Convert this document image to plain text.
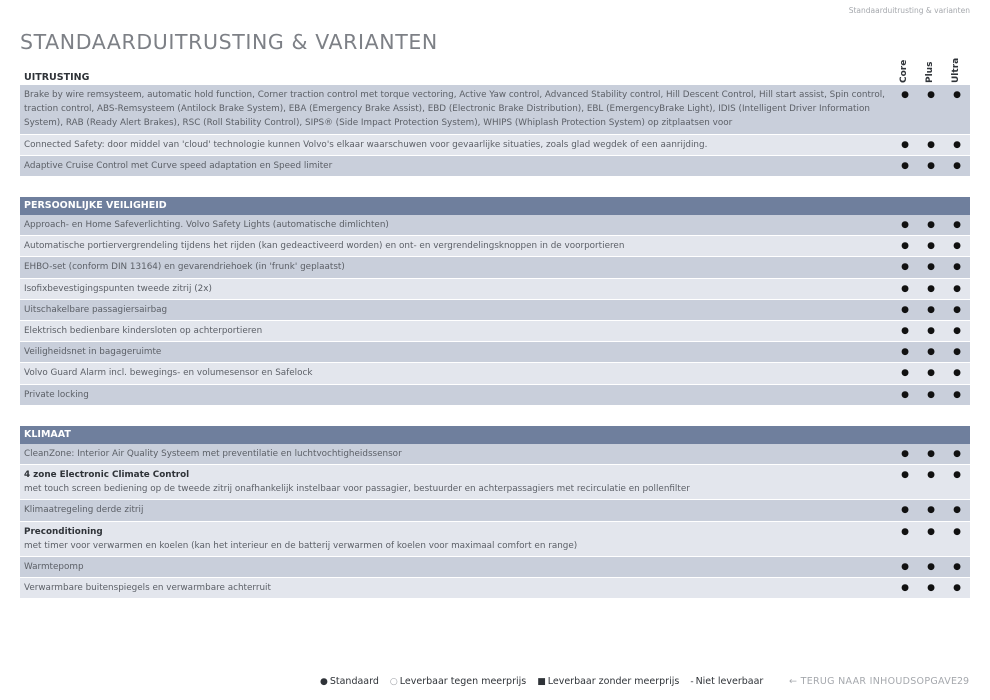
Standaarduitrusting & varianten
STANDAARDUITRUSTING & VARIANTEN
Core Plus Ultra
UITRUSTING
Brake by wire remsysteem, automatic hold function, Corner traction control met torque vectoring, Active Yaw control, Advanced Stability control, Hill Descent Control, Hill start assist, Spin control, traction control, ABS-Remsysteem (Antilock Brake System), EBA (Emergency Brake Assist), EBD (Electronic Brake Distribution), EBL (EmergencyBrake Light), IDIS (Intelligent Driver Information System), RAB (Ready Alert Brakes), RSC (Roll Stability Control), SIPS® (Side Impact Protection System), WHIPS (Whiplash Protection System) op zitplaatsen voor
●	●	●
Connected Safety: door middel van 'cloud' technologie kunnen Volvo's elkaar waarschuwen voor gevaarlijke situaties, zoals glad wegdek of een aanrijding.	●	●	●
Adaptive Cruise Control met Curve speed adaptation en Speed limiter	●	●	●
PERSOONLIJKE VEILIGHEID
Approach- en Home Safeverlichting. Volvo Safety Lights (automatische dimlichten)	●	●	●
Automatische portiervergrendeling tijdens het rijden (kan gedeactiveerd worden) en ont- en vergrendelingsknoppen in de voorportieren	●	●	●
EHBO-set (conform DIN 13164) en gevarendriehoek (in 'frunk' geplaatst)	●	●	●
Isofixbevestigingspunten tweede zitrij (2x)	●	●	●
Uitschakelbare passagiersairbag	●	●	●
Elektrisch bedienbare kindersloten op achterportieren	●	●	●
Veiligheidsnet in bagageruimte	●	●	●
Volvo Guard Alarm incl. bewegings- en volumesensor en Safelock	●	●	●
Private locking	●	●	●
KLIMAAT
CleanZone: Interior Air Quality Systeem met preventilatie en luchtvochtigheidssensor	●	●	●
4 zone Electronic Climate Control
met touch screen bediening op de tweede zitrij onafhankelijk instelbaar voor passagier, bestuurder en achterpassagiers met recirculatie en pollenfilter
●	●	●
Klimaatregeling derde zitrij	●	●	●
Preconditioning
met timer voor verwarmen en koelen (kan het interieur en de batterij verwarmen of koelen voor maximaal comfort en range)
●	●	●
Warmtepomp	●	●	●
Verwarmbare buitenspiegels en verwarmbare achterruit	●	●	●
● Standaard ○ Leverbaar tegen meerprijs ■ Leverbaar zonder meerprijs - Niet leverbaar	← TERUG NAAR INHOUDSOPGAVE 29
